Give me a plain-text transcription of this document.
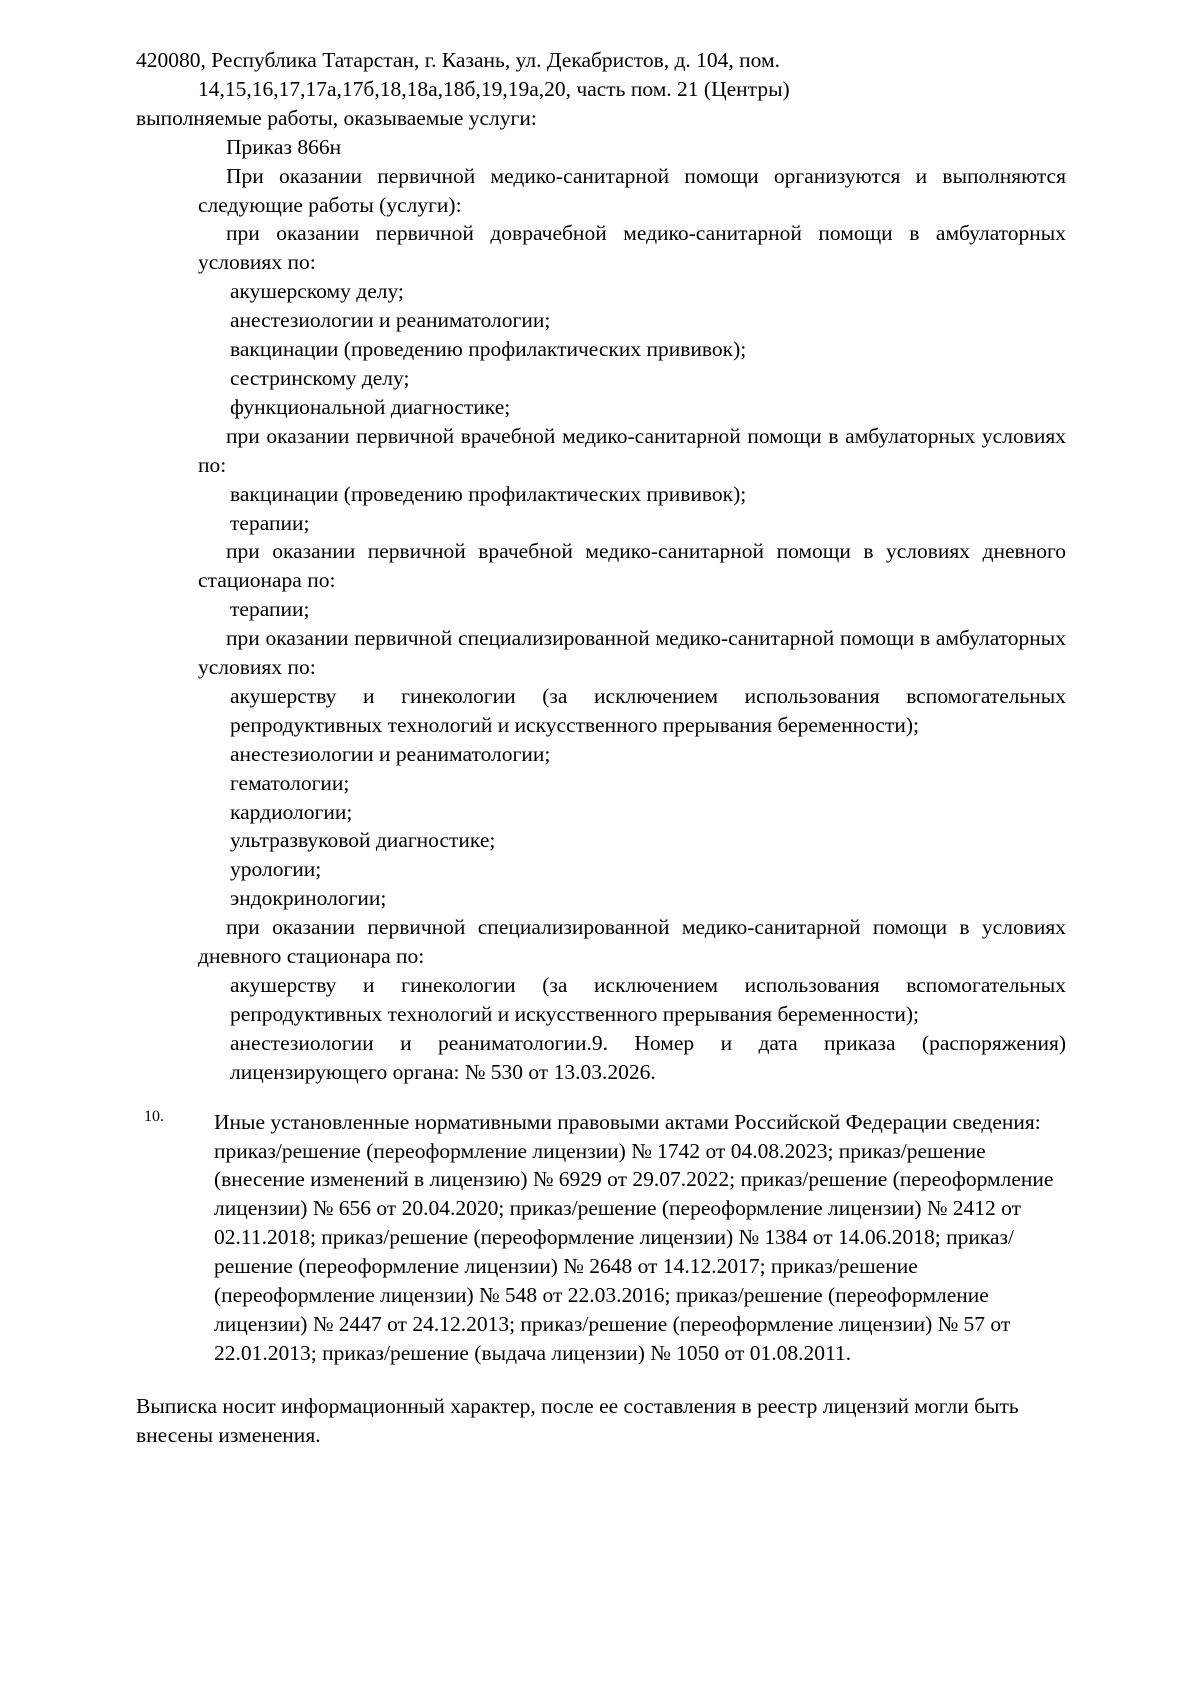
420080, Республика Татарстан, г. Казань, ул. Декабристов, д. 104, пом. 14,15,16,17,17а,17б,18,18а,18б,19,19а,20, часть пом. 21 (Центры)

выполняемые работы, оказываемые услуги:

Приказ 866н

При оказании первичной медико-санитарной помощи организуются и выполняются следующие работы (услуги):

при оказании первичной доврачебной медико-санитарной помощи в амбулаторных условиях по:

акушерскому делу;

анестезиологии и реаниматологии;

вакцинации (проведению профилактических прививок);

сестринскому делу;

функциональной диагностике;

при оказании первичной врачебной медико-санитарной помощи в амбулаторных условиях по:

вакцинации (проведению профилактических прививок);

терапии;

при оказании первичной врачебной медико-санитарной помощи в условиях дневного стационара по:

терапии;

при оказании первичной специализированной медико-санитарной помощи в амбулаторных условиях по:

акушерству и гинекологии (за исключением использования вспомогательных репродуктивных технологий и искусственного прерывания беременности);

анестезиологии и реаниматологии;

гематологии;

кардиологии;

ультразвуковой диагностике;

урологии;

эндокринологии;

при оказании первичной специализированной медико-санитарной помощи в условиях дневного стационара по:

акушерству и гинекологии (за исключением использования вспомогательных репродуктивных технологий и искусственного прерывания беременности);

анестезиологии и реаниматологии.9. Номер и дата приказа (распоряжения) лицензирующего органа: № 530 от 13.03.2026.

10. Иные установленные нормативными правовыми актами Российской Федерации сведения: приказ/решение (переоформление лицензии) № 1742 от 04.08.2023; приказ/решение (внесение изменений в лицензию) № 6929 от 29.07.2022; приказ/решение (переоформление лицензии) № 656 от 20.04.2020; приказ/решение (переоформление лицензии) № 2412 от 02.11.2018; приказ/решение (переоформление лицензии) № 1384 от 14.06.2018; приказ/решение (переоформление лицензии) № 2648 от 14.12.2017; приказ/решение (переоформление лицензии) № 548 от 22.03.2016; приказ/решение (переоформление лицензии) № 2447 от 24.12.2013; приказ/решение (переоформление лицензии) № 57 от 22.01.2013; приказ/решение (выдача лицензии) № 1050 от 01.08.2011.

Выписка носит информационный характер, после ее составления в реестр лицензий могли быть внесены изменения.
